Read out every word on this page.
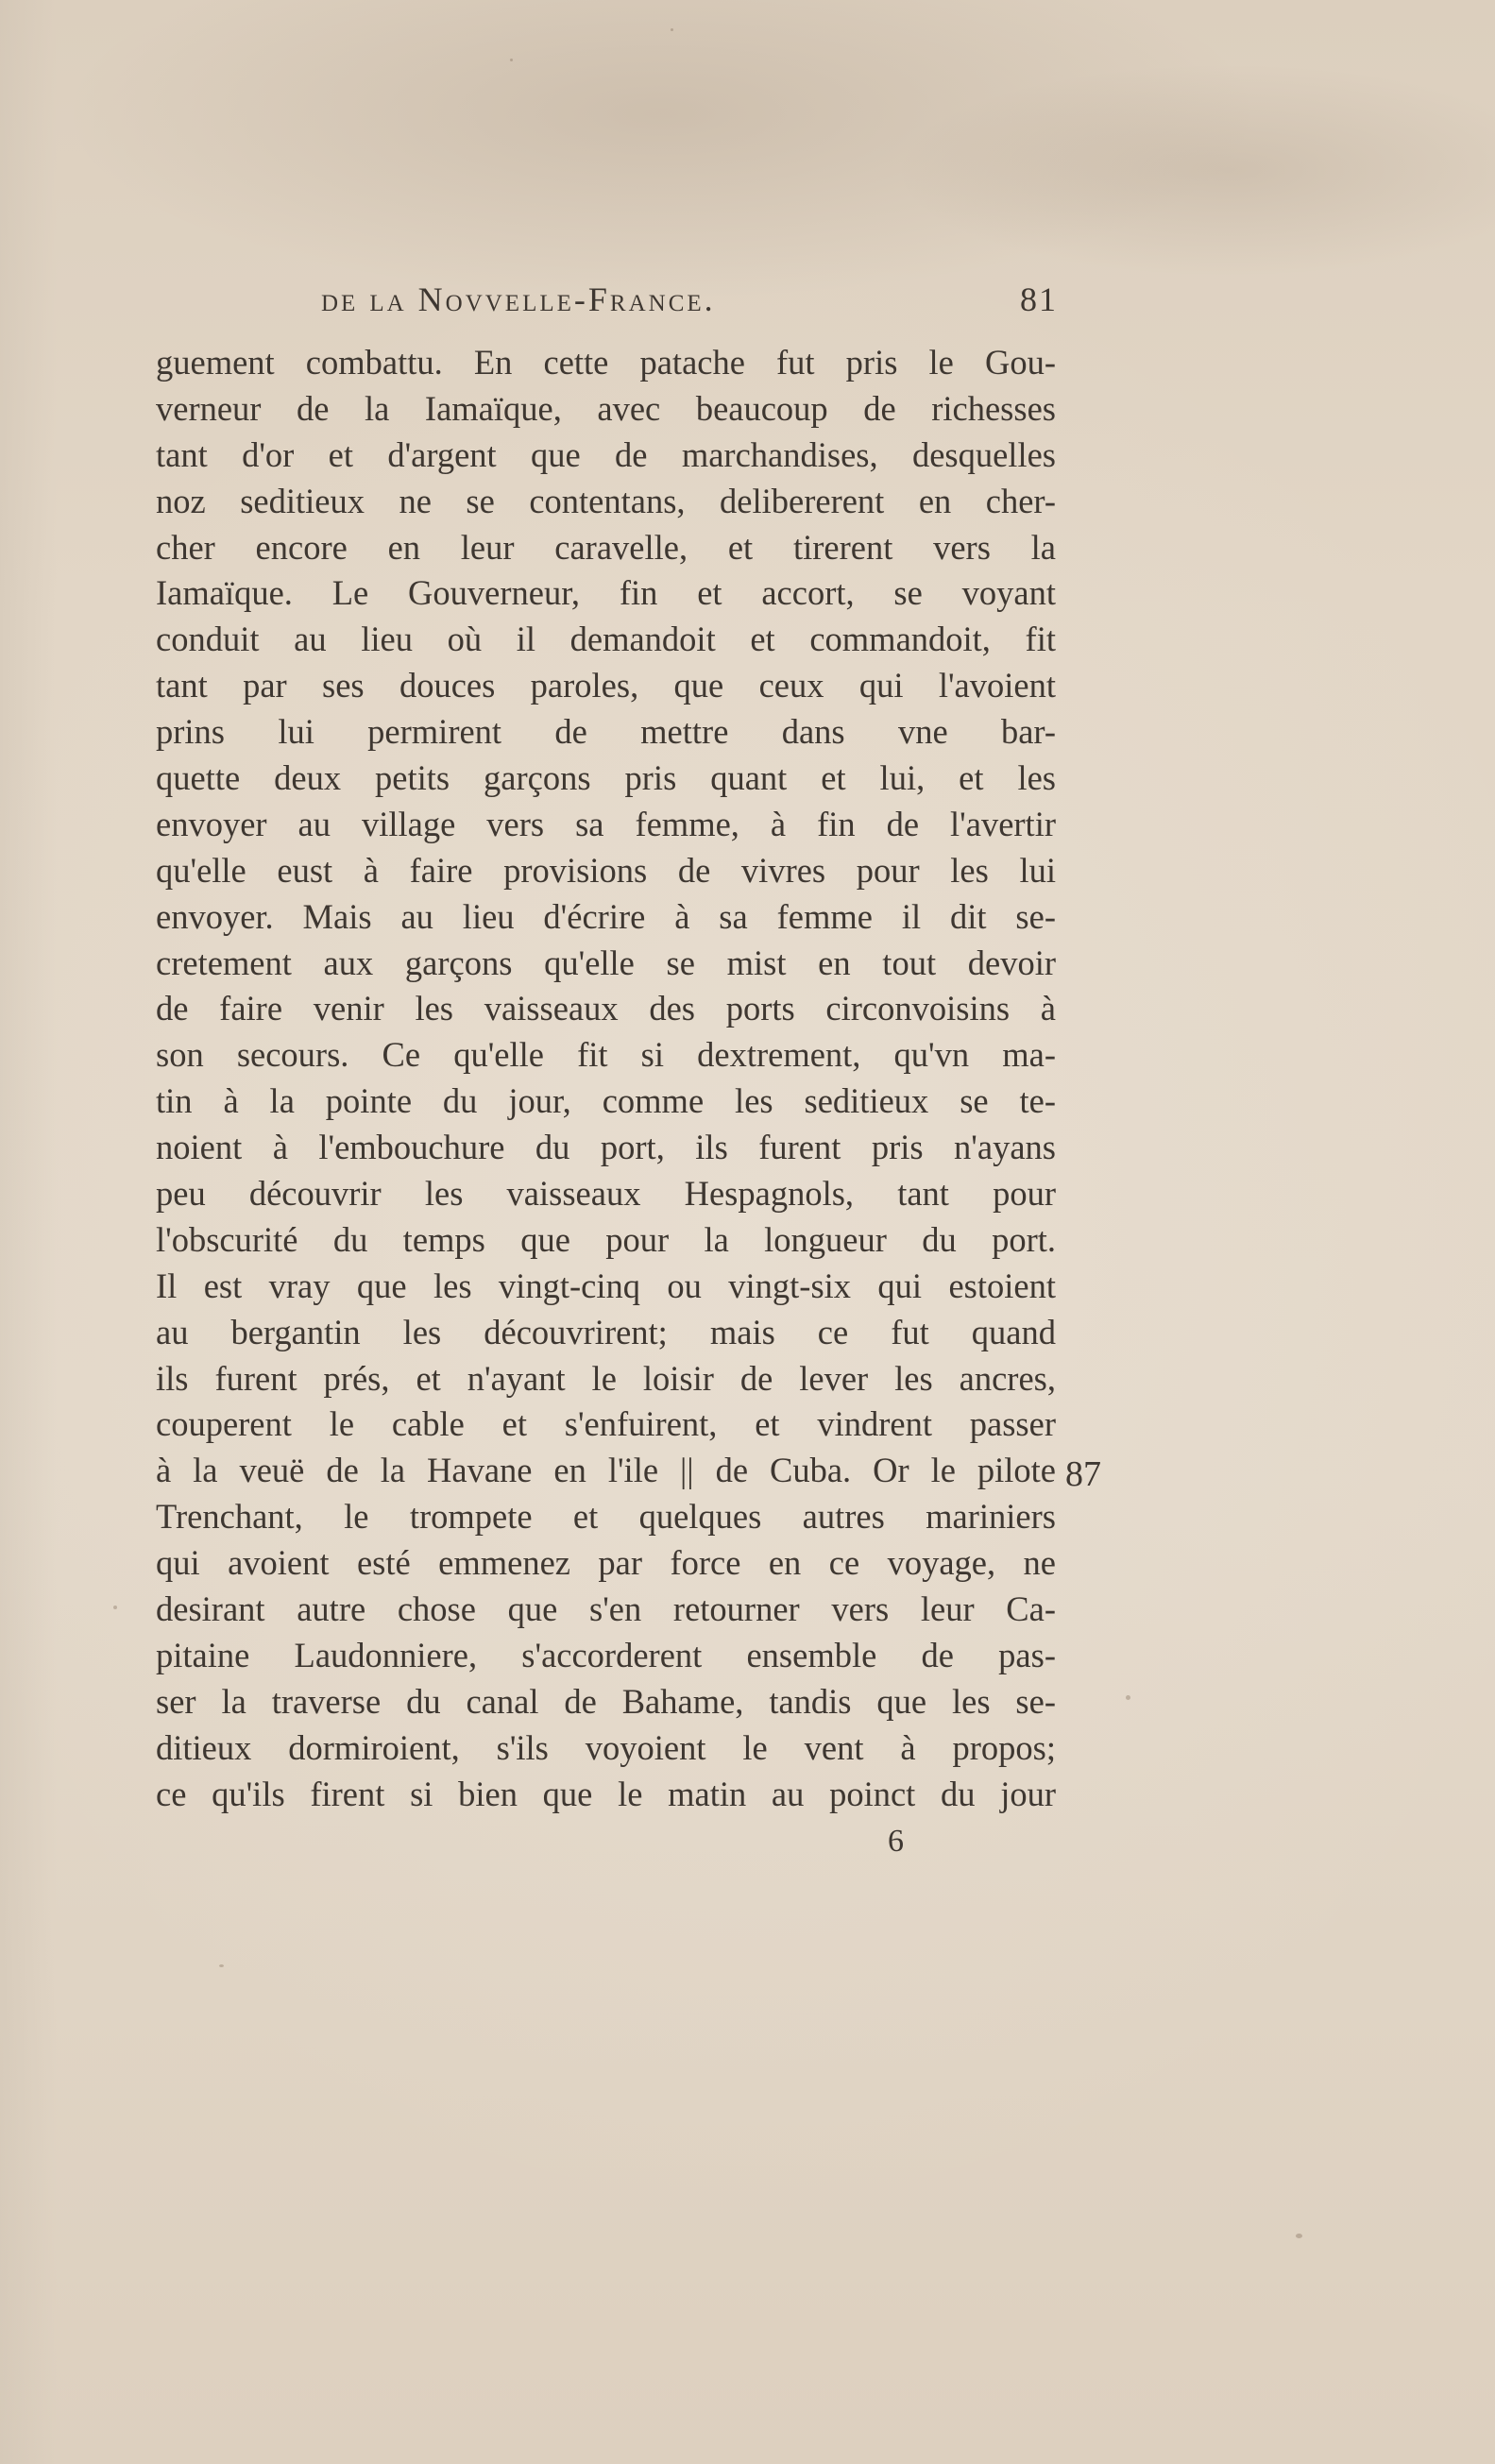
de la Novvelle-France.	81
guement combattu. En cette patache fut pris le Gou-
verneur de la Iamaïque, avec beaucoup de richesses
tant d'or et d'argent que de marchandises, desquelles
noz seditieux ne se contentans, delibererent en cher-
cher encore en leur caravelle, et tirerent vers la
Iamaïque. Le Gouverneur, fin et accort, se voyant
conduit au lieu où il demandoit et commandoit, fit
tant par ses douces paroles, que ceux qui l'avoient
prins lui permirent de mettre dans vne bar-
quette deux petits garçons pris quant et lui, et les
envoyer au village vers sa femme, à fin de l'avertir
qu'elle eust à faire provisions de vivres pour les lui
envoyer. Mais au lieu d'écrire à sa femme il dit se-
cretement aux garçons qu'elle se mist en tout devoir
de faire venir les vaisseaux des ports circonvoisins à
son secours. Ce qu'elle fit si dextrement, qu'vn ma-
tin à la pointe du jour, comme les seditieux se te-
noient à l'embouchure du port, ils furent pris n'ayans
peu découvrir les vaisseaux Hespagnols, tant pour
l'obscurité du temps que pour la longueur du port.
Il est vray que les vingt-cinq ou vingt-six qui estoient
au bergantin les découvrirent; mais ce fut quand
ils furent prés, et n'ayant le loisir de lever les ancres,
couperent le cable et s'enfuirent, et vindrent passer
à la veuë de la Havane en l'ile || de Cuba. Or le pilote
Trenchant, le trompete et quelques autres mariniers
qui avoient esté emmenez par force en ce voyage, ne
desirant autre chose que s'en retourner vers leur Ca-
pitaine Laudonniere, s'accorderent ensemble de pas-
ser la traverse du canal de Bahame, tandis que les se-
ditieux dormiroient, s'ils voyoient le vent à propos;
ce qu'ils firent si bien que le matin au poinct du jour
87
6
